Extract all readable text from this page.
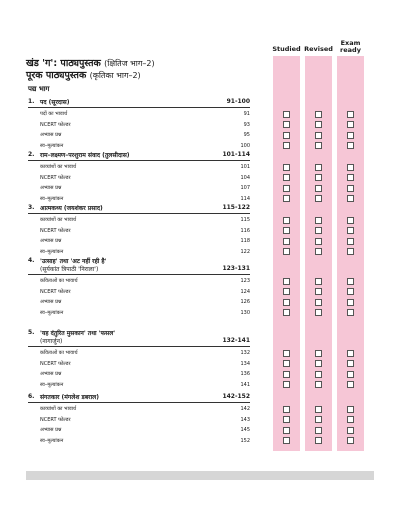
Studied Revised
Exam
ready
खंड 'ग': पाठ्यपुस्तक (क्षितिज भाग–2)
पूरक पाठ्यपुस्तक (कृतिका भाग–2)
पद्य भाग
1. पद (सूरदास)	91-100
पदों का भावार्थ	91
NCERT फोल्डर	93
अभ्यास प्रश्न	95
स्व–मूल्यांकन	100
2. राम–लक्ष्मण–परशुराम संवाद (तुलसीदास)	101-114
काव्यांशों का भावार्थ	101
NCERT फोल्डर	104
अभ्यास प्रश्न	107
स्व–मूल्यांकन	114
3. आत्मकथ्य (जयशंकर प्रसाद)	115-122
काव्यांशों का भावार्थ	115
NCERT फोल्डर	116
अभ्यास प्रश्न	118
स्व–मूल्यांकन	122
4. 'उत्साह' तथा 'अट नहीं रही है'
(सूर्यकांत त्रिपाठी 'निराला')	123-131
कविताओं का भावार्थ	123
NCERT फोल्डर	124
अभ्यास प्रश्न	126
स्व–मूल्यांकन	130
5. 'यह दंतुरित मुसकान' तथा 'फसल'
(नागार्जुन)	132-141
कविताओं का भावार्थ	132
NCERT फोल्डर	134
अभ्यास प्रश्न	136
स्व–मूल्यांकन	141
6. संगतकार (मंगलेश डबराल)	142-152
काव्यांशों का भावार्थ	142
NCERT फोल्डर	143
अभ्यास प्रश्न	145
स्व–मूल्यांकन	152
